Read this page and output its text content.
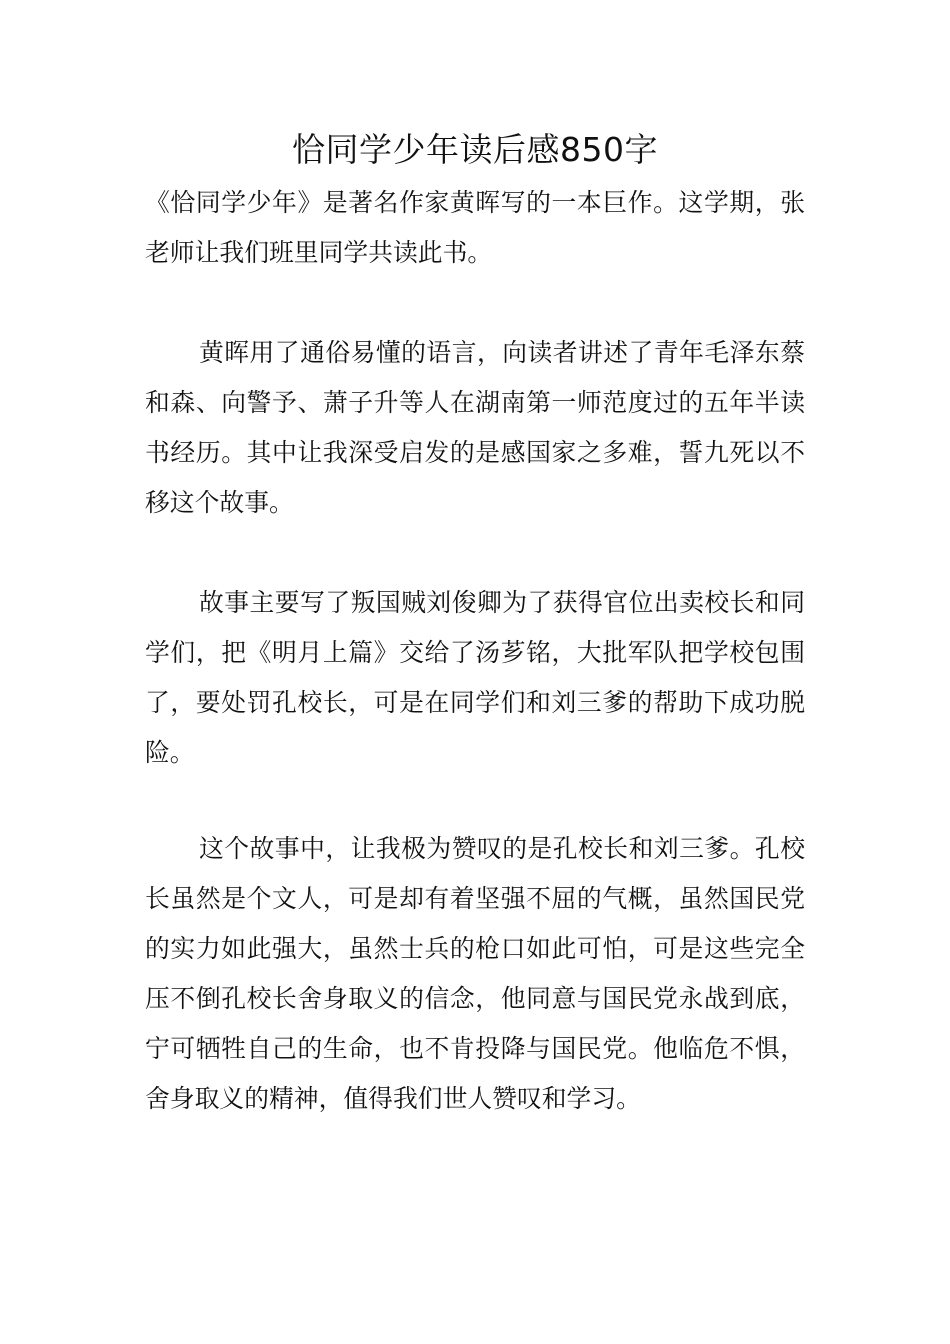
恰同学少年读后感850字

《恰同学少年》是著名作家黄晖写的一本巨作。这学期，张老师让我们班里同学共读此书。

黄晖用了通俗易懂的语言，向读者讲述了青年毛泽东蔡和森、向警予、萧子升等人在湖南第一师范度过的五年半读书经历。其中让我深受启发的是感国家之多难，誓九死以不移这个故事。

故事主要写了叛国贼刘俊卿为了获得官位出卖校长和同学们，把《明月上篇》交给了汤芗铭，大批军队把学校包围了，要处罚孔校长，可是在同学们和刘三爹的帮助下成功脱险。

这个故事中，让我极为赞叹的是孔校长和刘三爹。孔校长虽然是个文人，可是却有着坚强不屈的气概，虽然国民党的实力如此强大，虽然士兵的枪口如此可怕，可是这些完全压不倒孔校长舍身取义的信念，他同意与国民党永战到底，宁可牺牲自己的生命，也不肯投降与国民党。他临危不惧，舍身取义的精神，值得我们世人赞叹和学习。
